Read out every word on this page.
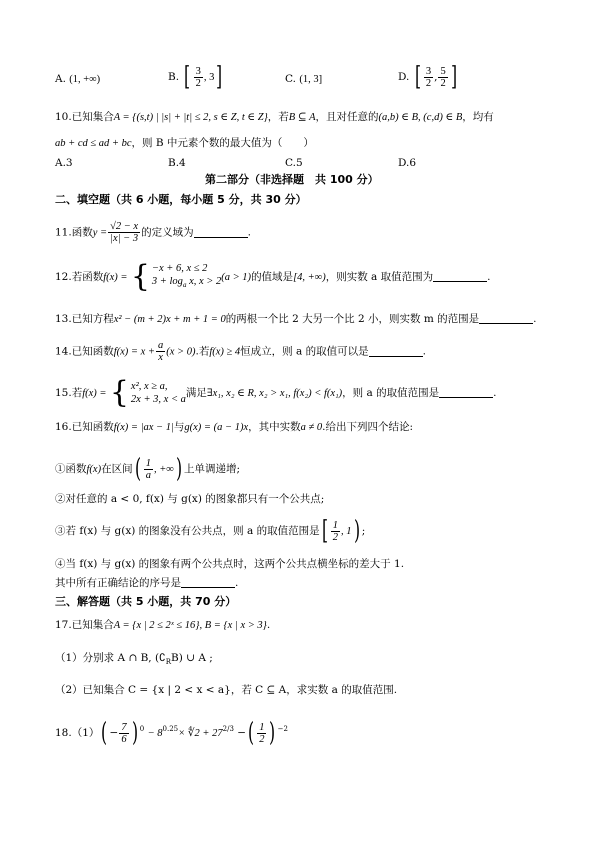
A. (1, +∞)	B. [ $\frac{3}{2}$ , 3]	C. (1, 3]	D. [ $\frac{3}{2}$ , $\frac{5}{2}$ ]
10.已知集合A = {(s,t) | |s| + |t| ≤ 2, s ∈ Z, t ∈ Z}，若B ⊆ A，且对任意的(a,b) ∈ B, (c,d) ∈ B，均有
ab + cd ≤ ad + bc，则 B 中元素个数的最大值为（　　）
A.3	B.4	C.5	D.6
第二部分（非选择题　共 100 分）
二、填空题（共 6 小题，每小题 5 分，共 30 分）
11.函数$y = \frac{√2 - x}{|x| - 3}$ 的定义域为	.
12.若函数f(x) = { −x + 6, x ≤ 2
$3 + \log_a x$, x > 2 (a > 1)的值域是[4, +∞)，则实数 a 取值范围为	.
13.已知方程x² − (m + 2)x + m + 1 = 0的两根一个比 2 大另一个比 2 小，则实数 m 的范围是	.
14.已知函数$f(x) = x + \frac{a}{x} (x > 0)$.若f(x) ≥ 4恒成立，则 a 的取值可以是	.
15.若f(x) = { x², x ≥ a,
2x + 3, x < a
满足∃x₁, x₂ ∈ R, x₂ > x₁, f(x₂) < f(x₁)，则 a 的取值范围是	.
16.已知函数f(x) = |ax − 1|与g(x) = (a − 1)x，其中实数a ≠ 0.给出下列四个结论:
①函数f(x)在区间( $\frac{1}{a}$ , +∞) 上单调递增;
②对任意的 a < 0, f(x) 与 g(x) 的图象都只有一个公共点;
③若 f(x) 与 g(x) 的图象没有公共点，则 a 的取值范围是[ $\frac{1}{2}$ , 1) ;
④当 f(x) 与 g(x) 的图象有两个公共点时，这两个公共点横坐标的差大于 1.
其中所有正确结论的序号是	.
三、解答题（共 5 小题，共 70 分）
17.已知集合A = {x | 2 ≤ 2ˣ ≤ 16}, B = {x | x > 3}.
（1）分别求 A ∩ B, $(∁_RB)$ ∪ A ;
（2）已知集合 C = {x | 2 < x < a}，若 C ⊆ A，求实数 a 的取值范围.
$18.(1)( - \frac{7}{6}$ ) $^0 - 8^{0.25}\times$ ∜2 + $27^{2/3}$ −( $\frac{1}{2}$ ) $^{-2}$
